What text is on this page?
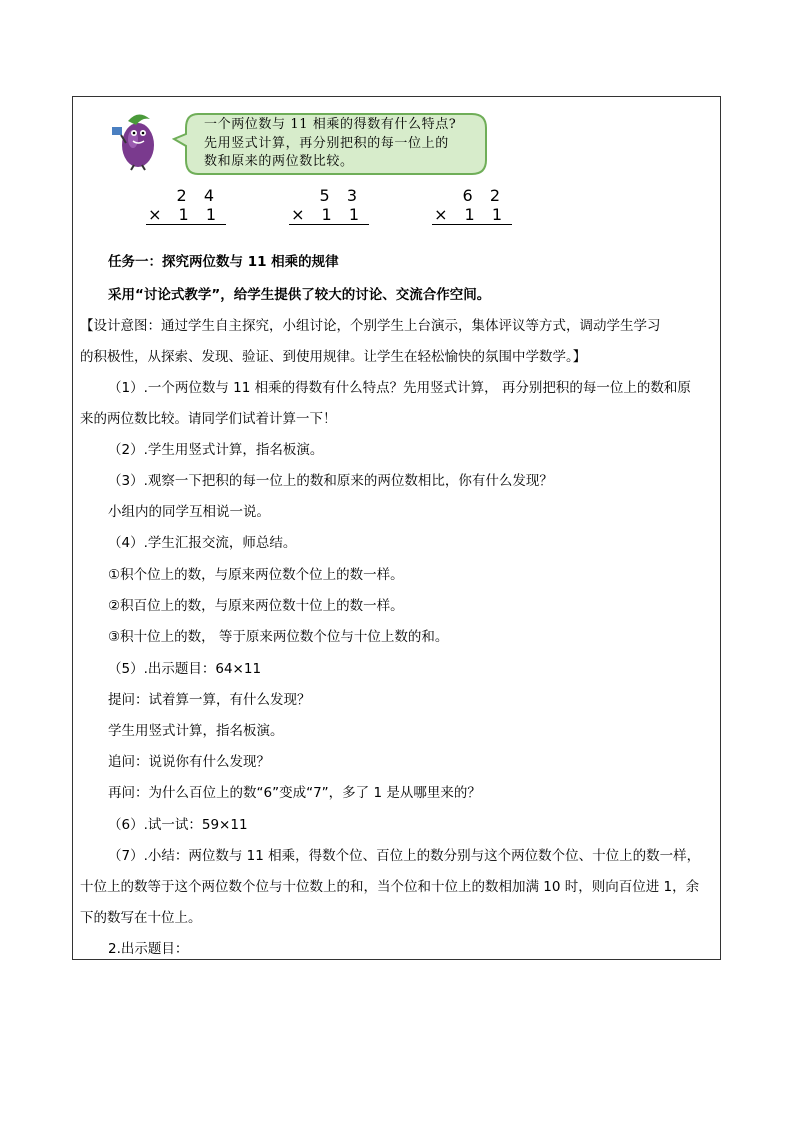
一个两位数与 11 相乘的得数有什么特点?
先用竖式计算，再分别把积的每一位上的
数和原来的两位数比较。
2 4
× 1 1
5 3
× 1 1
6 2
× 1 1
任务一：探究两位数与 11 相乘的规律
采用“讨论式教学”，给学生提供了较大的讨论、交流合作空间。
【设计意图：通过学生自主探究，小组讨论，个别学生上台演示，集体评议等方式，调动学生学习
的积极性，从探索、发现、验证、到使用规律。让学生在轻松愉快的氛围中学数学。】
（1）.一个两位数与 11 相乘的得数有什么特点？先用竖式计算， 再分别把积的每一位上的数和原
来的两位数比较。请同学们试着计算一下！
（2）.学生用竖式计算，指名板演。
（3）.观察一下把积的每一位上的数和原来的两位数相比，你有什么发现？
小组内的同学互相说一说。
（4）.学生汇报交流，师总结。
①积个位上的数，与原来两位数个位上的数一样。
②积百位上的数，与原来两位数十位上的数一样。
③积十位上的数， 等于原来两位数个位与十位上数的和。
（5）.出示题目：64×11
提问：试着算一算，有什么发现？
学生用竖式计算，指名板演。
追问：说说你有什么发现？
再问：为什么百位上的数“6”变成“7”，多了 1 是从哪里来的？
（6）.试一试：59×11
（7）.小结：两位数与 11 相乘，得数个位、百位上的数分别与这个两位数个位、十位上的数一样，
十位上的数等于这个两位数个位与十位数上的和，当个位和十位上的数相加满 10 时，则向百位进 1，余
下的数写在十位上。
2.出示题目：
